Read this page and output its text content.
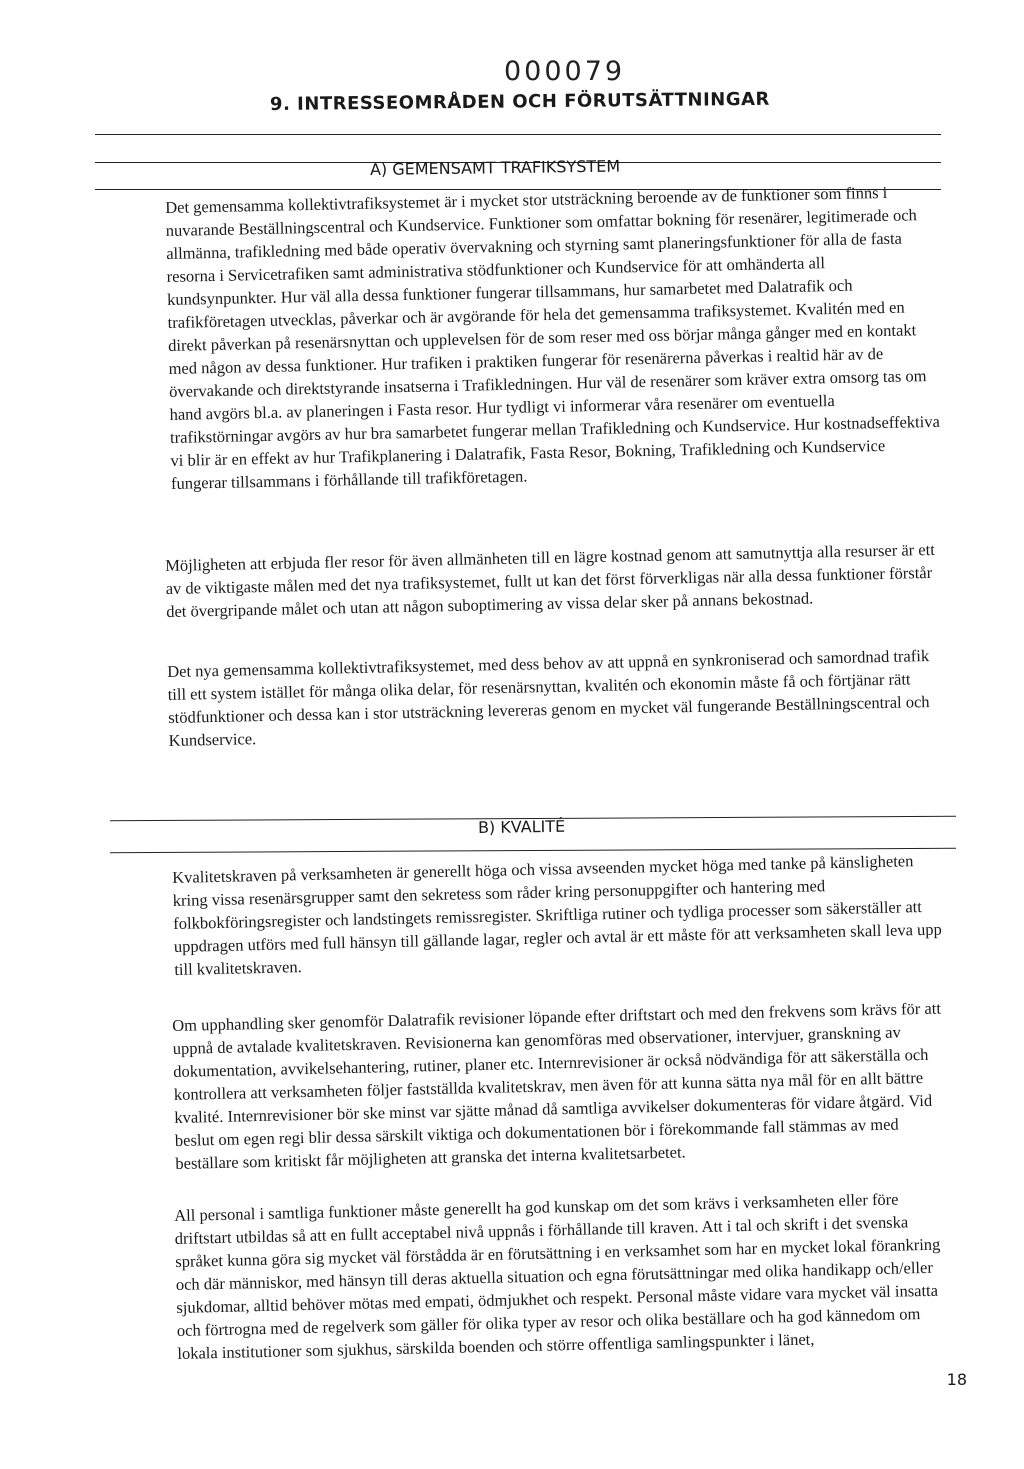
000079
9. INTRESSEOMRÅDEN OCH FÖRUTSÄTTNINGAR
A) GEMENSAMT TRAFIKSYSTEM

Det gemensamma kollektivtrafiksystemet är i mycket stor utsträckning beroende av de funktioner som finns i nuvarande Beställningscentral och Kundservice. Funktioner som omfattar bokning för resenärer, legitimerade och allmänna, trafikledning med både operativ övervakning och styrning samt planeringsfunktioner för alla de fasta resorna i Servicetrafiken samt administrativa stödfunktioner och Kundservice för att omhänderta all kundsynpunkter. Hur väl alla dessa funktioner fungerar tillsammans, hur samarbetet med Dalatrafik och trafikföretagen utvecklas, påverkar och är avgörande för hela det gemensamma trafiksystemet. Kvalitén med en direkt påverkan på resenärsnyttan och upplevelsen för de som reser med oss börjar många gånger med en kontakt med någon av dessa funktioner. Hur trafiken i praktiken fungerar för resenärerna påverkas i realtid här av de övervakande och direktstyrande insatserna i Trafikledningen. Hur väl de resenärer som kräver extra omsorg tas om hand avgörs bl.a. av planeringen i Fasta resor. Hur tydligt vi informerar våra resenärer om eventuella trafikstörningar avgörs av hur bra samarbetet fungerar mellan Trafikledning och Kundservice. Hur kostnadseffektiva vi blir är en effekt av hur Trafikplanering i Dalatrafik, Fasta Resor, Bokning, Trafikledning och Kundservice fungerar tillsammans i förhållande till trafikföretagen.

Möjligheten att erbjuda fler resor för även allmänheten till en lägre kostnad genom att samutnyttja alla resurser är ett av de viktigaste målen med det nya trafiksystemet, fullt ut kan det först förverkligas när alla dessa funktioner förstår det övergripande målet och utan att någon suboptimering av vissa delar sker på annans bekostnad.

Det nya gemensamma kollektivtrafiksystemet, med dess behov av att uppnå en synkroniserad och samordnad trafik till ett system istället för många olika delar, för resenärsnyttan, kvalitén och ekonomin måste få och förtjänar rätt stödfunktioner och dessa kan i stor utsträckning levereras genom en mycket väl fungerande Beställningscentral och Kundservice.

B) KVALITÉ

Kvalitetskraven på verksamheten är generellt höga och vissa avseenden mycket höga med tanke på känsligheten kring vissa resenärsgrupper samt den sekretess som råder kring personuppgifter och hantering med folkbokföringsregister och landstingets remissregister. Skriftliga rutiner och tydliga processer som säkerställer att uppdragen utförs med full hänsyn till gällande lagar, regler och avtal är ett måste för att verksamheten skall leva upp till kvalitetskraven.

Om upphandling sker genomför Dalatrafik revisioner löpande efter driftstart och med den frekvens som krävs för att uppnå de avtalade kvalitetskraven. Revisionerna kan genomföras med observationer, intervjuer, granskning av dokumentation, avvikelsehantering, rutiner, planer etc. Internrevisioner är också nödvändiga för att säkerställa och kontrollera att verksamheten följer fastställda kvalitetskrav, men även för att kunna sätta nya mål för en allt bättre kvalité. Internrevisioner bör ske minst var sjätte månad då samtliga avvikelser dokumenteras för vidare åtgärd. Vid beslut om egen regi blir dessa särskilt viktiga och dokumentationen bör i förekommande fall stämmas av med beställare som kritiskt får möjligheten att granska det interna kvalitetsarbetet.

All personal i samtliga funktioner måste generellt ha god kunskap om det som krävs i verksamheten eller före driftstart utbildas så att en fullt acceptabel nivå uppnås i förhållande till kraven. Att i tal och skrift i det svenska språket kunna göra sig mycket väl förstådda är en förutsättning i en verksamhet som har en mycket lokal förankring och där människor, med hänsyn till deras aktuella situation och egna förutsättningar med olika handikapp och/eller sjukdomar, alltid behöver mötas med empati, ödmjukhet och respekt. Personal måste vidare vara mycket väl insatta och förtrogna med de regelverk som gäller för olika typer av resor och olika beställare och ha god kännedom om lokala institutioner som sjukhus, särskilda boenden och större offentliga samlingspunkter i länet,

18
